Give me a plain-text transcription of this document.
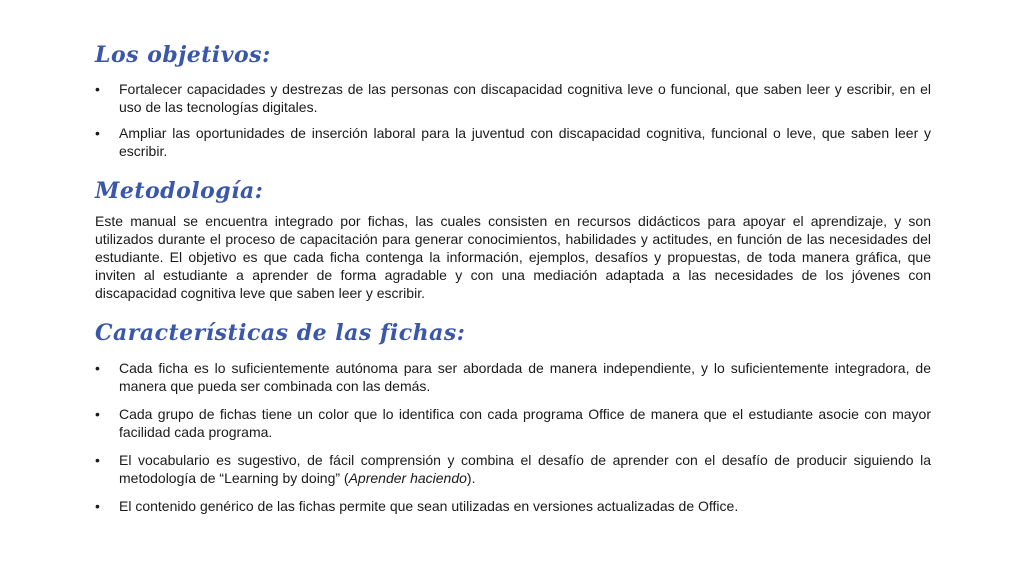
Los objetivos:
• Fortalecer capacidades y destrezas de las personas con discapacidad cognitiva leve o funcional, que saben leer y escribir, en el uso de las tecnologías digitales.
• Ampliar las oportunidades de inserción laboral para la juventud con discapacidad cognitiva, funcional o leve, que saben leer y escribir.
Metodología:

Este manual se encuentra integrado por fichas, las cuales consisten en recursos didácticos para apoyar el aprendizaje, y son utilizados durante el proceso de capacitación para generar conocimientos, habilidades y actitudes, en función de las necesidades del estudiante. El objetivo es que cada ficha contenga la información, ejemplos, desafíos y propuestas, de toda manera gráfica, que inviten al estudiante a aprender de forma agradable y con una mediación adaptada a las necesidades de los jóvenes con discapacidad cognitiva leve que saben leer y escribir.

Características de las fichas:
• Cada ficha es lo suficientemente autónoma para ser abordada de manera independiente, y lo suficientemente integradora, de manera que pueda ser combinada con las demás.
• Cada grupo de fichas tiene un color que lo identifica con cada programa Office de manera que el estudiante asocie con mayor facilidad cada programa.
• El vocabulario es sugestivo, de fácil comprensión y combina el desafío de aprender con el desafío de producir siguiendo la metodología de “Learning by doing” (Aprender haciendo).
• El contenido genérico de las fichas permite que sean utilizadas en versiones actualizadas de Office.
